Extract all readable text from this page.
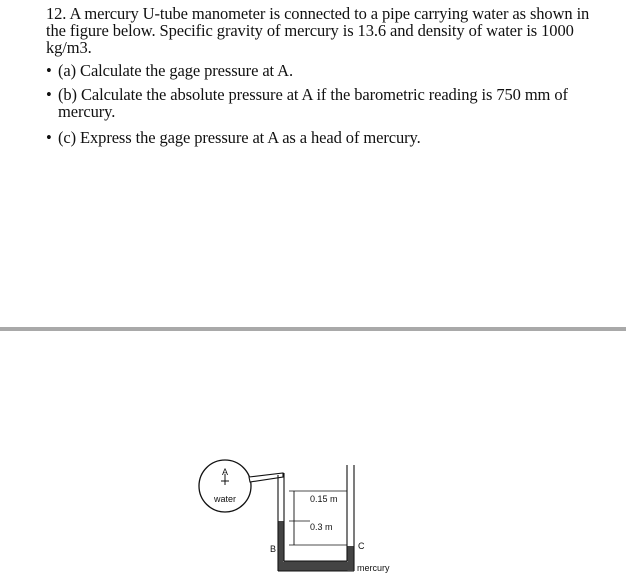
12. A mercury U-tube manometer is connected to a pipe carrying water as shown in the figure below. Specific gravity of mercury is 13.6 and density of water is 1000 kg/m3.

• (a) Calculate the gage pressure at A.
• (b) Calculate the absolute pressure at A if the barometric reading is 750 mm of mercury.
• (c) Express the gage pressure at A as a head of mercury.
A
water	0.15 m
0.3 m
B	C
mercury
